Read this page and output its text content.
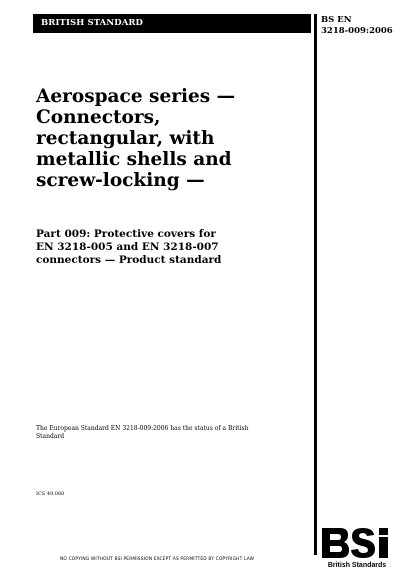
BRITISH STANDARD	BS EN
3218-009:2006
Aerospace series —
Connectors,
rectangular, with
metallic shells and
screw-locking —
Part 009: Protective covers for
EN 3218-005 and EN 3218-007
connectors — Product standard
The European Standard EN 3218-009:2006 has the status of a British
Standard
ICS 49.060
NO COPYING WITHOUT BSI PERMISSION EXCEPT AS PERMITTED BY COPYRIGHT LAW
British Standards
